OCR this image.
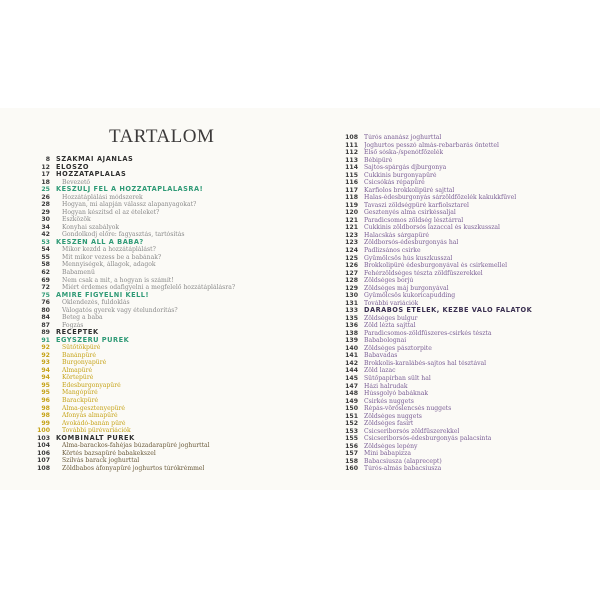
TARTALOM
8 SZAKMAI AJÁNLÁS
12 ELŐSZÓ
17 HOZZÁTÁPLÁLÁS
18	Bevezető
25 KÉSZÜLJ FEL A HOZZÁTÁPLÁLÁSRA!
26	Hozzátáplálási módszerek
28	Hogyan, mi alapján válassz alapanyagokat?
29	Hogyan készítsd el az ételeket?
30	Eszközök
34	Konyhai szabályok
42	Gondolkodj előre: fagyasztás, tartósítás
53 KÉSZEN ÁLL A BABA?
54	Mikor kezdd a hozzátáplálást?
55	Mit mikor vezess be a babának?
58	Mennyiségek, állagok, adagok
62	Babamenü
69	Nem csak a mit, a hogyan is számít!
72	Miért érdemes odafigyelni a megfelelő hozzátáplálásra?
75 AMIRE FIGYELNI KELL!
76	Öklendezés, fuldoklás
80	Válogatós gyerek vagy ételundorítás?
84	Beteg a baba
87	Fogzás
89 RECEPTEK
91 EGYSZERŰ PÜRÉK
92	Sütőtökpüré
92	Banánpüré
93	Burgonyapüré
94	Almapüré
94	Körtepüré
95	Édesburgonyapüré
95	Mangópüré
96	Barackpüré
98	Alma-gesztenyepüré
98	Áfonyás almapüré
99	Avokádó-banán püré
100	További pürévariációk
103 KOMBINÁLT PÜRÉK
104	Alma-barackos-fahéjas búzadarapüré joghurttal
106	Körtés bazsapüré babakekszel
107	Szilvás barack joghurttal
108	Zöldbabos áfonyapüré joghurtos túrókrémmel
108 Túrós ananász joghurttal
111 Joghurtos pesszó almás-rebarbarás öntettel
112 Első sóska-/spenótfőzelék
113 Bébipüré
114 Sajtos-spárgás djburgonya
115 Cukkinis burgonyapüré
116 Csicsókás répapüré
117 Karfiolos brokkolipüré sajttal
118 Halas-édesburgonyás sárzöldfőzelék kakukkfűvel
119 Tavaszi zöldségpüré karfiolsztarel
120 Gesztenyés alma csirkéssaljal
121 Paradicsomos zöldség lésztárral
121 Cukkinis zöldborsós lazaccal és kuszkusszal
123 Halacskás sárgapüré
123 Zöldborsós-édesburgonyás hal
124 Padlizsános csirke
125 Gyümölcsös hús kuszkusszal
126 Brokkolipüré édesburgonyával és csirkemellel
127 Fehérzöldséges tészta zöldfűszerekkel
128 Zöldséges borjú
129 Zöldséges máj burgonyával
130 Gyümölcsös kukoricapudding
131 További variációk
133 DARABOS ÉTELEK, KÉZBE VALÓ FALATOK
135 Zöldséges bulgur
136 Zöld lézta sajttal
138 Paradicsomos-zöldfűszeres-csirkés tészta
139 Bababolognai
140 Zöldséges pásztorpite
141 Babavadas
142 Brokkolis-karalábés-sajtos hal tésztával
144 Zöld lazac
145 Sütőpapírban sült hal
147 Házi halrudak
148 Hússgolyó babáknak
149 Csirkés nuggets
150 Répás-vöröslencsés nuggets
151 Zöldséges nuggets
152 Zöldséges fasírt
153 Csicseriborsós zöldfűszerekkel
155 Csicseriborsós-édesburgonyás palacsinta
156 Zöldséges lepény
157 Mini babapizza
158 Babacsiusza (alaprecept)
160 Túrós-almás babacsiusza
